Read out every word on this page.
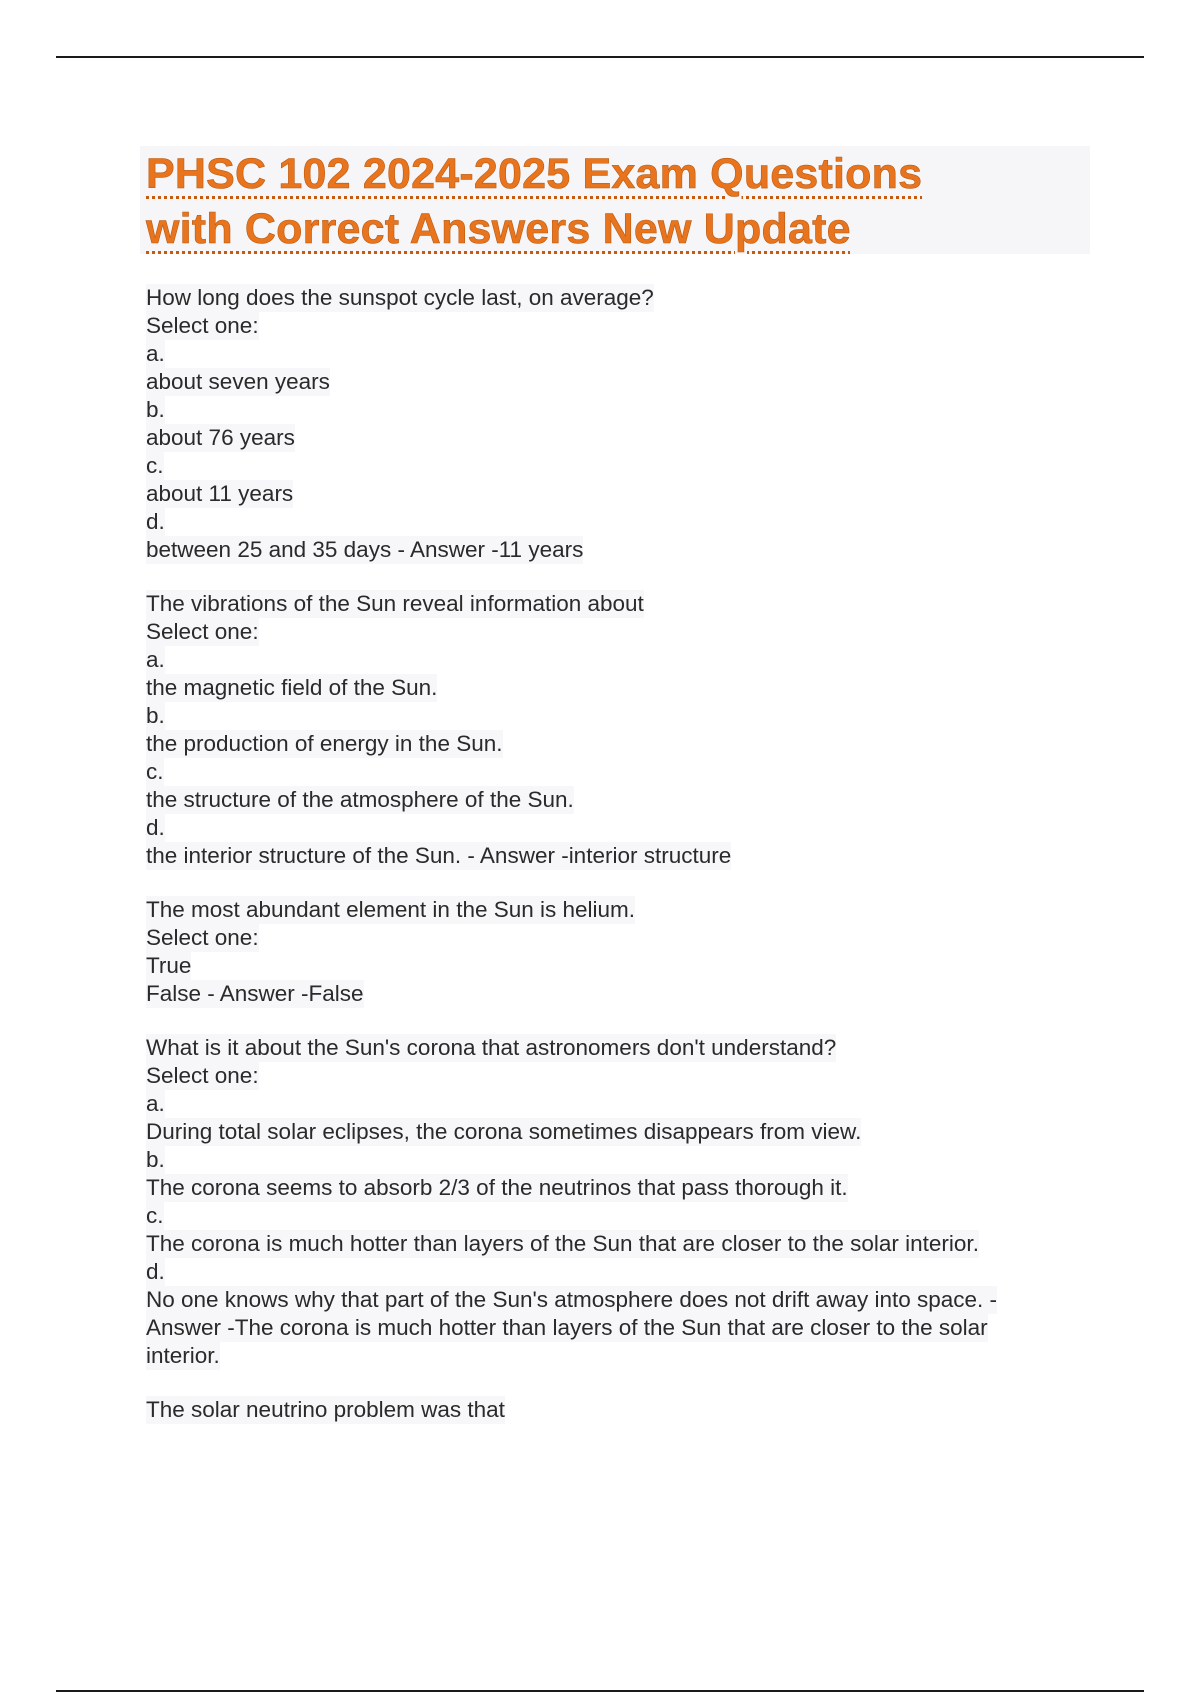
PHSC 102 2024-2025 Exam Questions
with Correct Answers New Update
How long does the sunspot cycle last, on average?
Select one:
a.
about seven years
b.
about 76 years
c.
about 11 years
d.
between 25 and 35 days - Answer -11 years
The vibrations of the Sun reveal information about
Select one:
a.
the magnetic field of the Sun.
b.
the production of energy in the Sun.
c.
the structure of the atmosphere of the Sun.
d.
the interior structure of the Sun. - Answer -interior structure
The most abundant element in the Sun is helium.
Select one:
True
False - Answer -False
What is it about the Sun's corona that astronomers don't understand?
Select one:
a.
During total solar eclipses, the corona sometimes disappears from view.
b.
The corona seems to absorb 2/3 of the neutrinos that pass thorough it.
c.
The corona is much hotter than layers of the Sun that are closer to the solar interior.
d.
No one knows why that part of the Sun's atmosphere does not drift away into space. -
Answer -The corona is much hotter than layers of the Sun that are closer to the solar
interior.
The solar neutrino problem was that
